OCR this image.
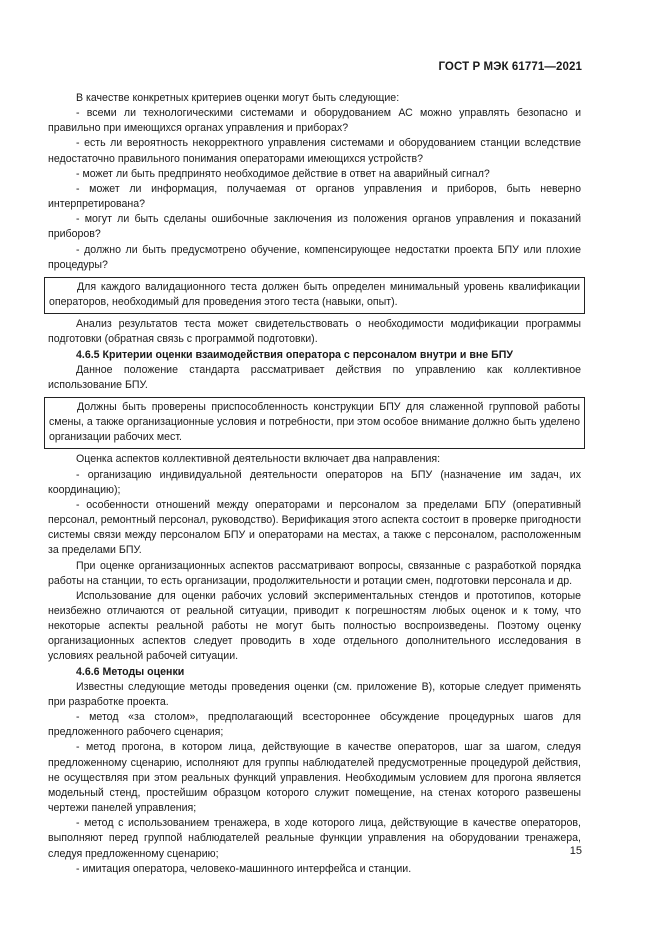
ГОСТ Р МЭК 61771—2021

В качестве конкретных критериев оценки могут быть следующие:

- всеми ли технологическими системами и оборудованием АС можно управлять безопасно и правильно при имеющихся органах управления и приборах?

- есть ли вероятность некорректного управления системами и оборудованием станции вследствие недостаточно правильного понимания операторами имеющихся устройств?

- может ли быть предпринято необходимое действие в ответ на аварийный сигнал?

- может ли информация, получаемая от органов управления и приборов, быть неверно интерпретирована?

- могут ли быть сделаны ошибочные заключения из положения органов управления и показаний приборов?

- должно ли быть предусмотрено обучение, компенсирующее недостатки проекта БПУ или плохие процедуры?

Для каждого валидационного теста должен быть определен минимальный уровень квалификации операторов, необходимый для проведения этого теста (навыки, опыт).

Анализ результатов теста может свидетельствовать о необходимости модификации программы подготовки (обратная связь с программой подготовки).

4.6.5 Критерии оценки взаимодействия оператора с персоналом внутри и вне БПУ

Данное положение стандарта рассматривает действия по управлению как коллективное использование БПУ.

Должны быть проверены приспособленность конструкции БПУ для слаженной групповой работы смены, а также организационные условия и потребности, при этом особое внимание должно быть уделено организации рабочих мест.

Оценка аспектов коллективной деятельности включает два направления:

- организацию индивидуальной деятельности операторов на БПУ (назначение им задач, их координацию);

- особенности отношений между операторами и персоналом за пределами БПУ (оперативный персонал, ремонтный персонал, руководство). Верификация этого аспекта состоит в проверке пригодности системы связи между персоналом БПУ и операторами на местах, а также с персоналом, расположенным за пределами БПУ.

При оценке организационных аспектов рассматривают вопросы, связанные с разработкой порядка работы на станции, то есть организации, продолжительности и ротации смен, подготовки персонала и др.

Использование для оценки рабочих условий экспериментальных стендов и прототипов, которые неизбежно отличаются от реальной ситуации, приводит к погрешностям любых оценок и к тому, что некоторые аспекты реальной работы не могут быть полностью воспроизведены. Поэтому оценку организационных аспектов следует проводить в ходе отдельного дополнительного исследования в условиях реальной рабочей ситуации.

4.6.6 Методы оценки

Известны следующие методы проведения оценки (см. приложение В), которые следует применять при разработке проекта.

- метод «за столом», предполагающий всестороннее обсуждение процедурных шагов для предложенного рабочего сценария;

- метод прогона, в котором лица, действующие в качестве операторов, шаг за шагом, следуя предложенному сценарию, исполняют для группы наблюдателей предусмотренные процедурой действия, не осуществляя при этом реальных функций управления. Необходимым условием для прогона является модельный стенд, простейшим образцом которого служит помещение, на стенах которого развешены чертежи панелей управления;

- метод с использованием тренажера, в ходе которого лица, действующие в качестве операторов, выполняют перед группой наблюдателей реальные функции управления на оборудовании тренажера, следуя предложенному сценарию;

- имитация оператора, человеко-машинного интерфейса и станции.

15
